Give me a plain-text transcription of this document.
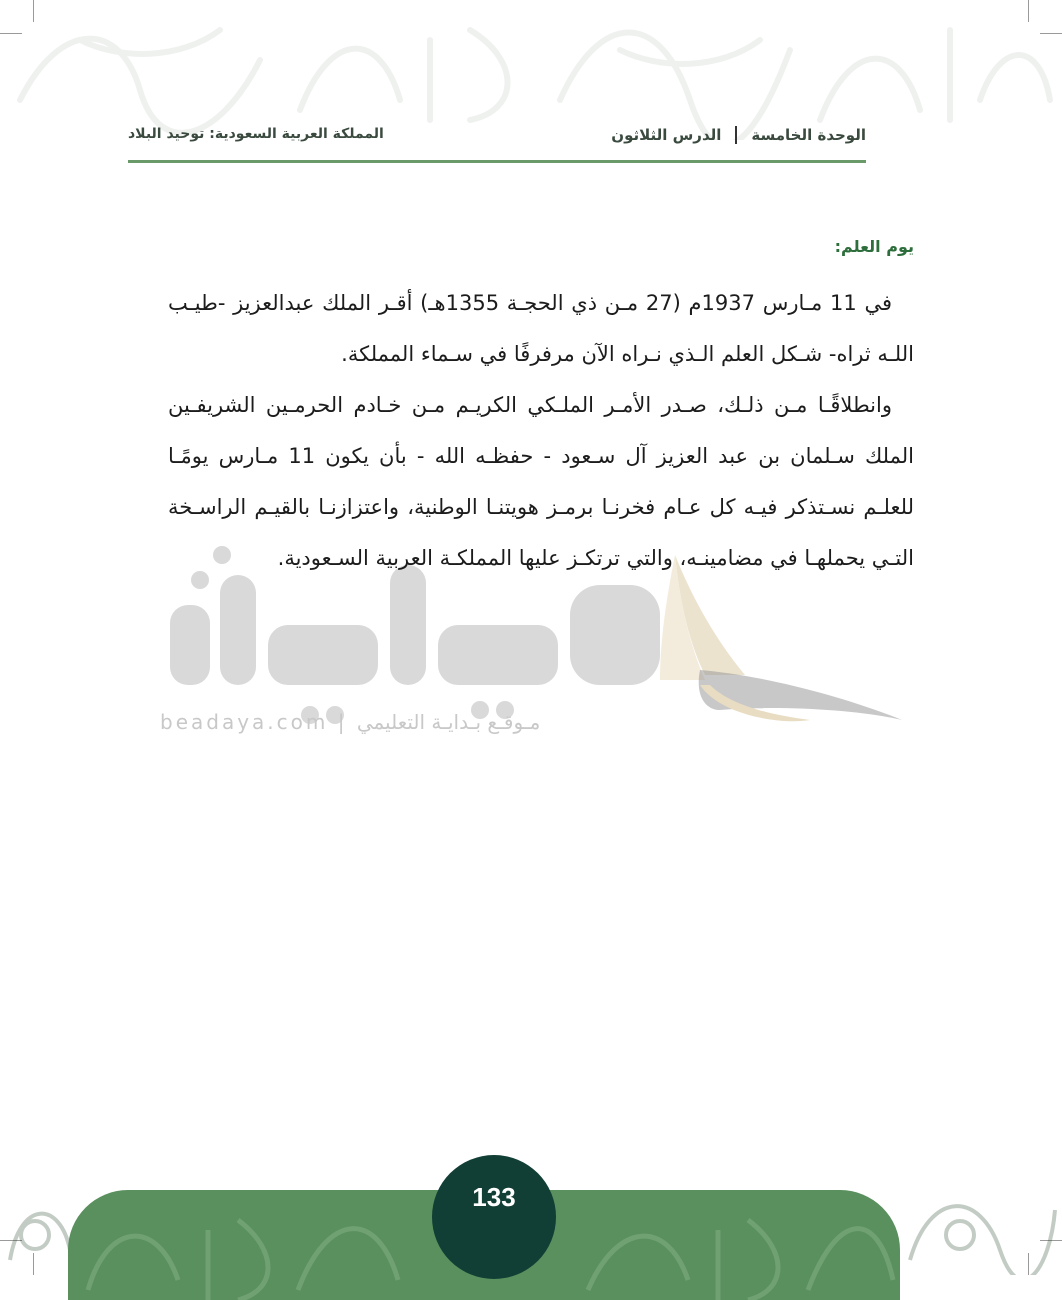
الوحدة الخامسة
الدرس الثلاثون
المملكة العربية السعودية: توحيد البلاد
يوم العلم:
beadaya.com | مـوقـع بـدايـة التعليمي

في 11 مـارس 1937م (27 مـن ذي الحجـة 1355هـ) أقـر الملك عبدالعزيز -طيـب اللـه ثراه- شـكل العلم الـذي نـراه الآن مرفرفًا في سـماء المملكة.

وانطلاقًـا مـن ذلـك، صـدر الأمـر الملـكي الكريـم مـن خـادم الحرمـين الشريفـين الملك سـلمان بن عبد العزيز آل سـعود - حفظـه الله - بأن يكون 11 مـارس يومًـا للعلـم نسـتذكر فيـه كل عـام فخرنـا برمـز هويتنـا الوطنية، واعتزازنـا بالقيـم الراسـخة التـي يحملهـا في مضامينـه، والتي ترتكـز عليها المملكـة العربية السـعودية.

133
